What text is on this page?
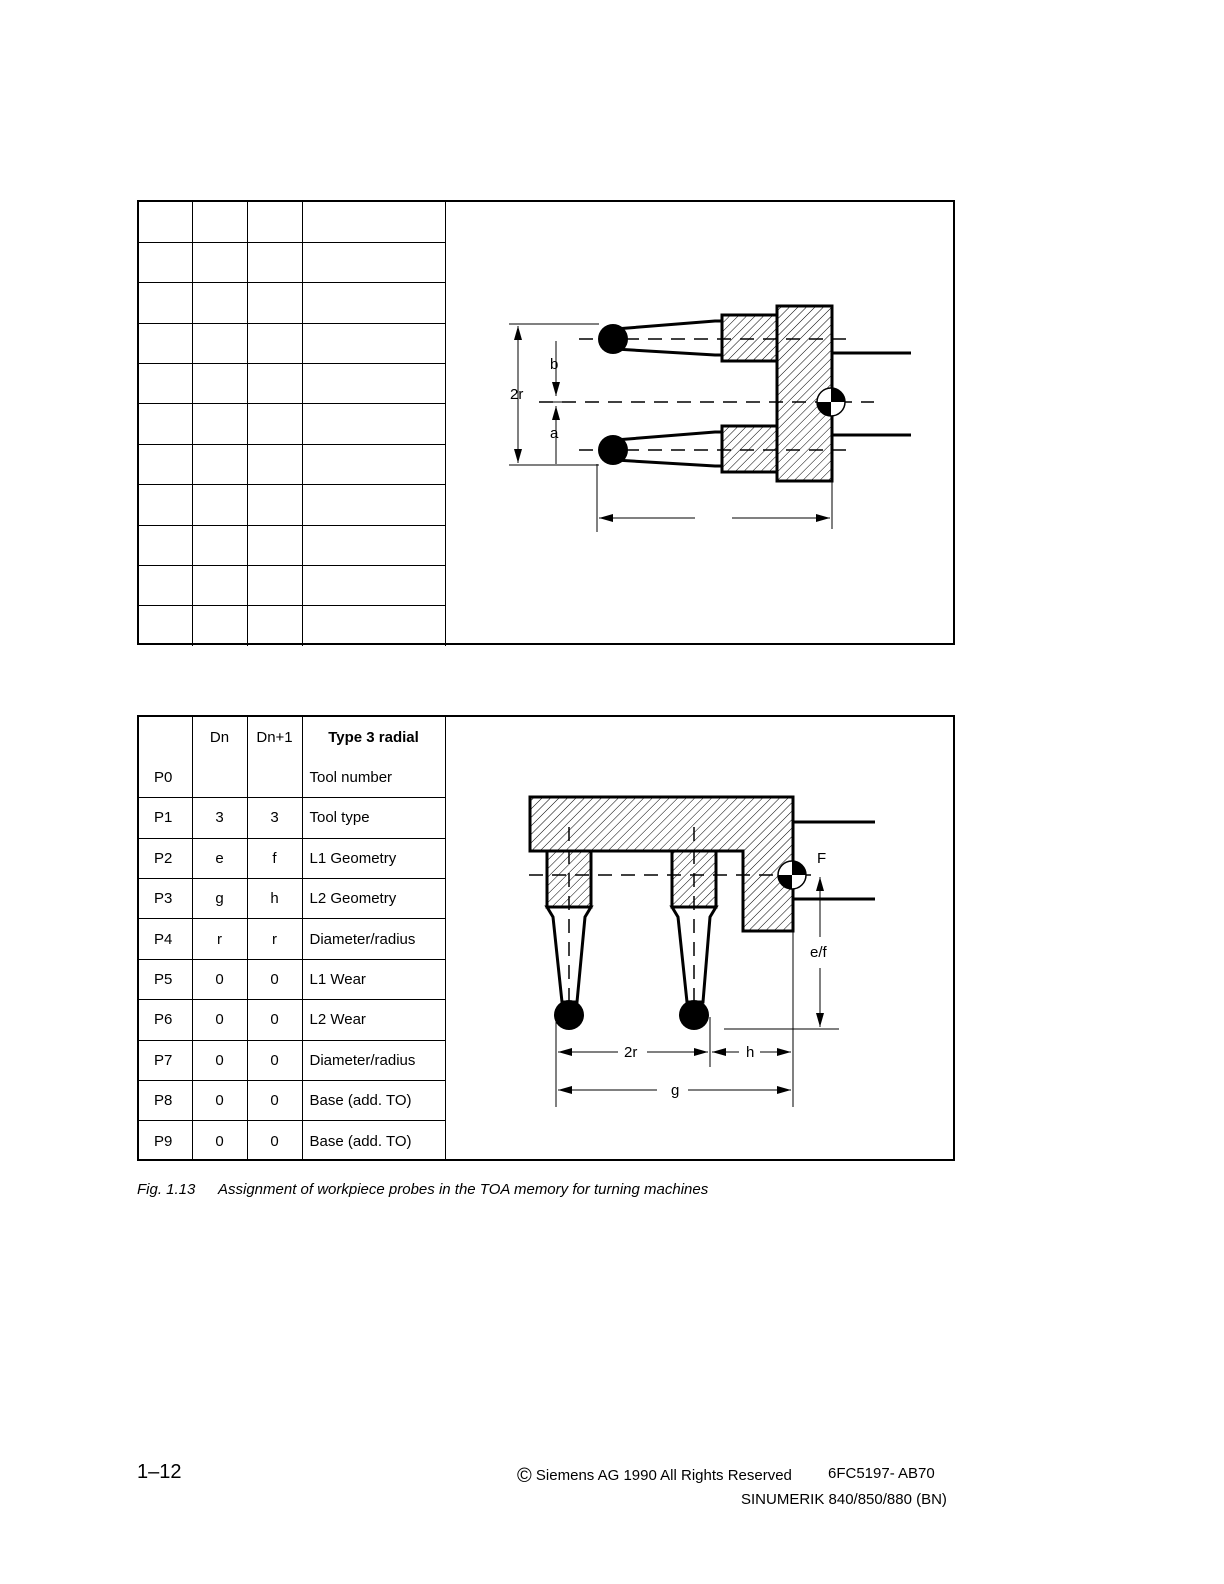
2r
b
a
	Dn	Dn+1	Type 3 radial
P0			Tool number
P1	3	3	Tool type
P2	e	f	L1 Geometry
P3	g	h	L2 Geometry
P4	r	r	Diameter/radius
P5	0	0	L1 Wear
P6	0	0	L2 Wear
P7	0	0	Diameter/radius
P8	0	0	Base (add. TO)
P9	0	0	Base (add. TO)
F
e/f
2r	h
g
Fig. 1.13 Assignment of workpiece probes in the TOA memory for turning machines
1–12	© Siemens AG 1990 All Rights Reserved 6FC5197- AB70
SINUMERIK 840/850/880 (BN)
